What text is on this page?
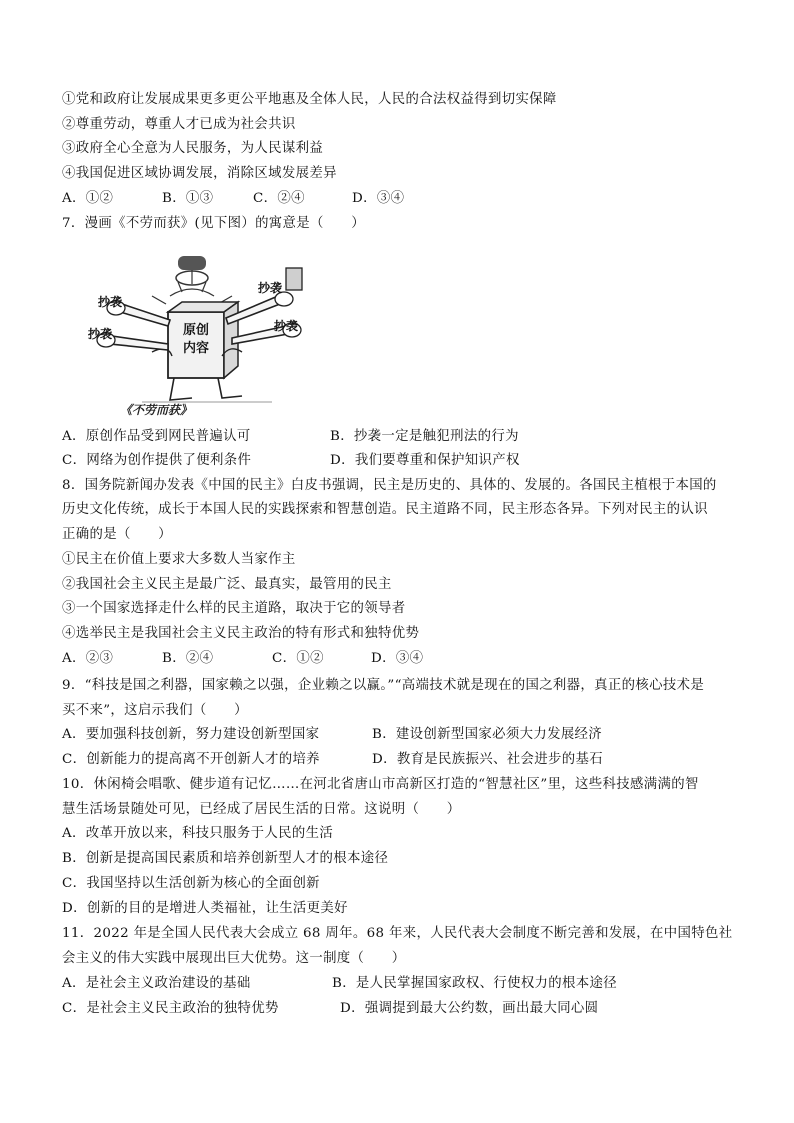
①党和政府让发展成果更多更公平地惠及全体人民，人民的合法权益得到切实保障
②尊重劳动，尊重人才已成为社会共识
③政府全心全意为人民服务，为人民谋利益
④我国促进区域协调发展，消除区域发展差异
A．①②	B．①③	C．②④	D．③④
7．漫画《不劳而获》(见下图）的寓意是（　　）
原创
内容
抄袭
抄袭
抄袭
抄袭
《不劳而获》
A．原创作品受到网民普遍认可	B．抄袭一定是触犯刑法的行为
C．网络为创作提供了便利条件	D．我们要尊重和保护知识产权
8．国务院新闻办发表《中国的民主》白皮书强调，民主是历史的、具体的、发展的。各国民主植根于本国的
历史文化传统，成长于本国人民的实践探索和智慧创造。民主道路不同，民主形态各异。下列对民主的认识
正确的是（　　）
①民主在价值上要求大多数人当家作主
②我国社会主义民主是最广泛、最真实，最管用的民主
③一个国家选择走什么样的民主道路，取决于它的领导者
④选举民主是我国社会主义民主政治的特有形式和独特优势
A．②③	B．②④	C．①②	D．③④
9．“科技是国之利器，国家赖之以强，企业赖之以赢。”“高端技术就是现在的国之利器，真正的核心技术是
买不来”，这启示我们（　　）
A．要加强科技创新，努力建设创新型国家	B．建设创新型国家必须大力发展经济
C．创新能力的提高离不开创新人才的培养	D．教育是民族振兴、社会进步的基石
10．休闲椅会唱歌、健步道有记忆……在河北省唐山市高新区打造的“智慧社区”里，这些科技感满满的智
慧生活场景随处可见，已经成了居民生活的日常。这说明（　　）
A．改革开放以来，科技只服务于人民的生活
B．创新是提高国民素质和培养创新型人才的根本途径
C．我国坚持以生活创新为核心的全面创新
D．创新的目的是增进人类福祉，让生活更美好
11．2022 年是全国人民代表大会成立 68 周年。68 年来，人民代表大会制度不断完善和发展，在中国特色社
会主义的伟大实践中展现出巨大优势。这一制度（　　）
A．是社会主义政治建设的基础	B．是人民掌握国家政权、行使权力的根本途径
C．是社会主义民主政治的独特优势	D．强调提到最大公约数，画出最大同心圆
